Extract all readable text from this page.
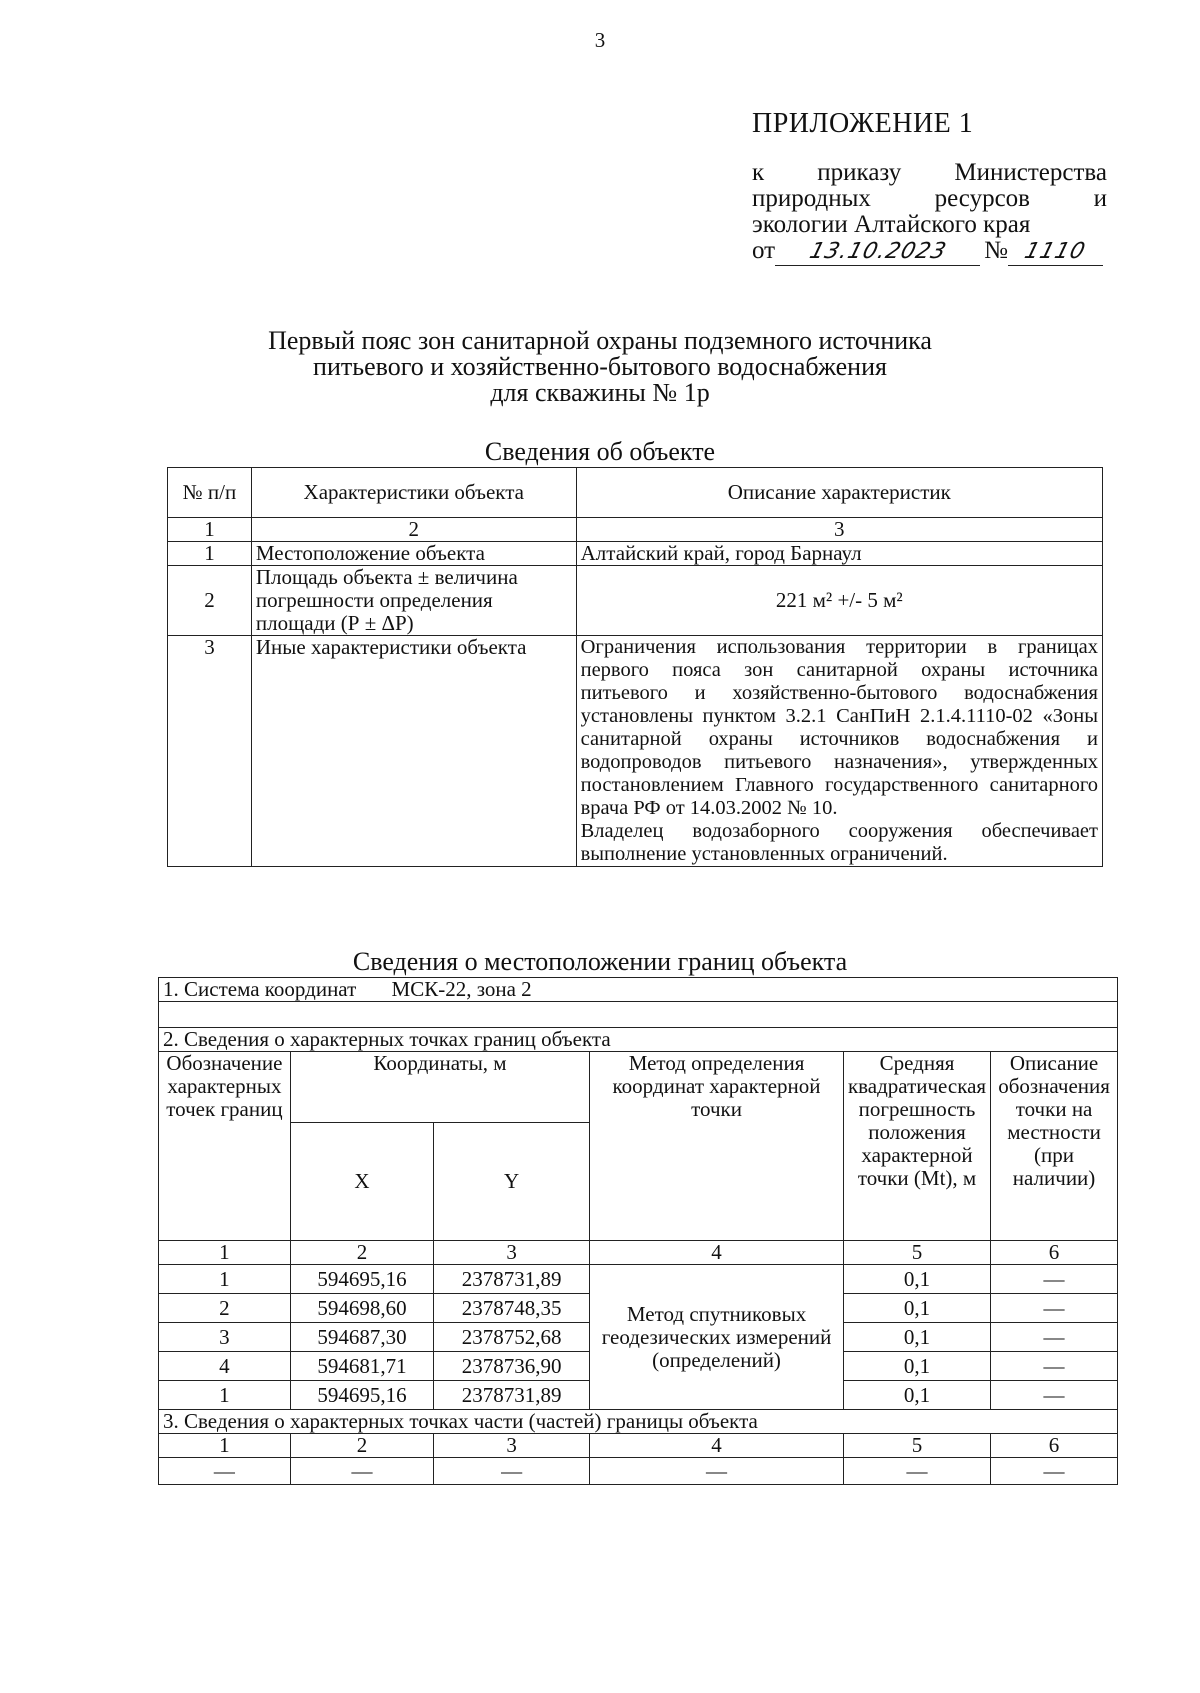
3
ПРИЛОЖЕНИЕ 1
к приказу Министерства
природных	ресурсов	и
экологии Алтайского края
от 13.10.2023 № 1110
Первый пояс зон санитарной охраны подземного источника
питьевого и хозяйственно-бытового водоснабжения
для скважины № 1р
Сведения об объекте
№ п/п	Характеристики объекта	Описание характеристик
1	2	3
1	Местоположение объекта	Алтайский край, город Барнаул
2	Площадь объекта ± величина погрешности определения площади (Р ± ΔР)	221 м² +/- 5 м²
3	Иные характеристики объекта	Ограничения использования территории в границах первого пояса зон санитарной охраны источника питьевого и хозяйственно-бытового водоснабжения установлены пунктом 3.2.1 СанПиН 2.1.4.1110-02 «Зоны санитарной охраны источников водоснабжения и водопроводов питьевого назначения», утвержденных постановлением Главного государственного санитарного врача РФ от 14.03.2002 № 10.
Владелец водозаборного сооружения обеспечивает выполнение установленных ограничений.
Сведения о местоположении границ объекта
1. Система координат МСК-22, зона 2					

2. Сведения о характерных точках границ объекта					
Обозначение характерных точек границ	Координаты, м		Метод определения координат характерной точки	Средняя квадратическая погрешность положения характерной точки (Mt), м	Описание обозначения точки на местности (при наличии)
	X	Y			
1	2	3	4	5	6
1	594695,16	2378731,89	Метод спутниковых геодезических измерений (определений)	0,1	—
2	594698,60	2378748,35		0,1	—
3	594687,30	2378752,68		0,1	—
4	594681,71	2378736,90		0,1	—
1	594695,16	2378731,89		0,1	—
3. Сведения о характерных точках части (частей) границы объекта					
1	2	3	4	5	6
—	—	—	—	—	—
